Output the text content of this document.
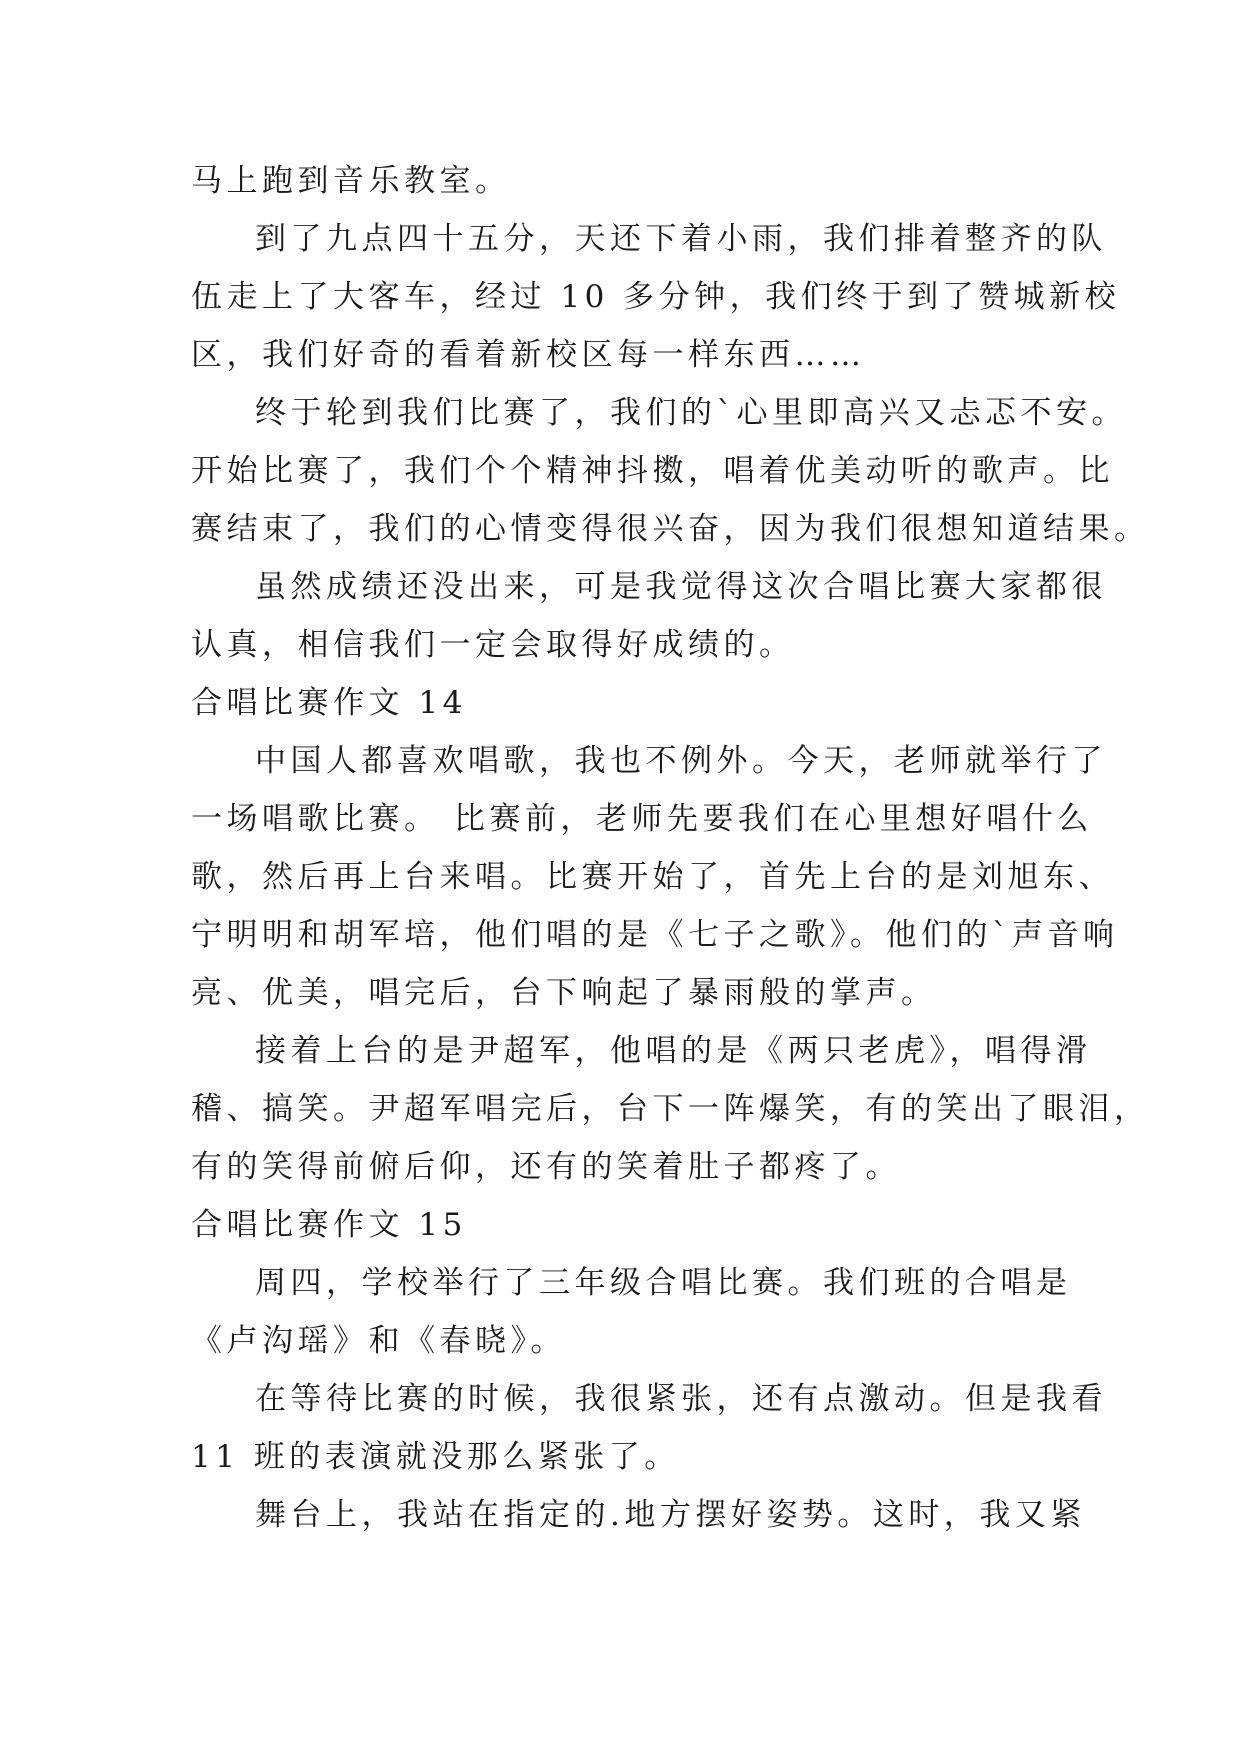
马上跑到音乐教室。
到了九点四十五分，天还下着小雨，我们排着整齐的队
伍走上了大客车，经过 10 多分钟，我们终于到了赞城新校
区，我们好奇的看着新校区每一样东西……
终于轮到我们比赛了，我们的`心里即高兴又忐忑不安。
开始比赛了，我们个个精神抖擞，唱着优美动听的歌声。比
赛结束了，我们的心情变得很兴奋，因为我们很想知道结果。
虽然成绩还没出来，可是我觉得这次合唱比赛大家都很
认真，相信我们一定会取得好成绩的。
合唱比赛作文 14
中国人都喜欢唱歌，我也不例外。今天，老师就举行了
一场唱歌比赛。 比赛前，老师先要我们在心里想好唱什么
歌，然后再上台来唱。比赛开始了，首先上台的是刘旭东、
宁明明和胡军培，他们唱的是《七子之歌》。他们的`声音响
亮、优美，唱完后，台下响起了暴雨般的掌声。
接着上台的是尹超军，他唱的是《两只老虎》，唱得滑
稽、搞笑。尹超军唱完后，台下一阵爆笑，有的笑出了眼泪，
有的笑得前俯后仰，还有的笑着肚子都疼了。
合唱比赛作文 15
周四，学校举行了三年级合唱比赛。我们班的合唱是
《卢沟瑶》和《春晓》。
在等待比赛的时候，我很紧张，还有点激动。但是我看
11 班的表演就没那么紧张了。
舞台上，我站在指定的.地方摆好姿势。这时，我又紧
